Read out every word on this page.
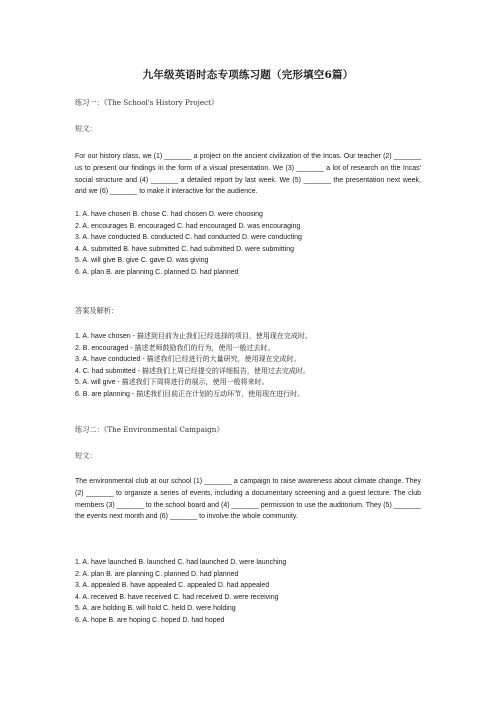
九年级英语时态专项练习题（完形填空6篇）
练习一：《The School's History Project》
短文：

For our history class, we (1) _______ a project on the ancient civilization of the Incas. Our teacher (2) _______ us to present our findings in the form of a visual presentation. We (3) _______ a lot of research on the Incas' social structure and (4) _______ a detailed report by last week. We (5) _______ the presentation next week, and we (6) _______ to make it interactive for the audience.

1. A. have chosen B. chose C. had chosen D. were choosing
2. A. encourages B. encouraged C. had encouraged D. was encouraging
3. A. have conducted B. conducted C. had conducted D. were conducting
4. A. submitted B. have submitted C. had submitted D. were submitting
5. A. will give B. give C. gave D. was giving
6. A. plan B. are planning C. planned D. had planned
答案及解析：
1. A. have chosen - 描述到目前为止我们已经选择的项目，使用现在完成时。
2. B. encouraged - 描述老师鼓励我们的行为，使用一般过去时。
3. A. have conducted - 描述我们已经进行的大量研究，使用现在完成时。
4. C. had submitted - 描述我们上周已经提交的详细报告，使用过去完成时。
5. A. will give - 描述我们下周将进行的展示，使用一般将来时。
6. B. are planning - 描述我们目前正在计划的互动环节，使用现在进行时。
练习二：《The Environmental Campaign》
短文：

The environmental club at our school (1) _______ a campaign to raise awareness about climate change. They (2) _______ to organize a series of events, including a documentary screening and a guest lecture. The club members (3) _______ to the school board and (4) _______ permission to use the auditorium. They (5) _______ the events next month and (6) _______ to involve the whole community.

1. A. have launched B. launched C. had launched D. were launching
2. A. plan B. are planning C. planned D. had planned
3. A. appealed B. have appealed C. appealed D. had appealed
4. A. received B. have received C. had received D. were receiving
5. A. are holding B. will hold C. held D. were holding
6. A. hope B. are hoping C. hoped D. had hoped
